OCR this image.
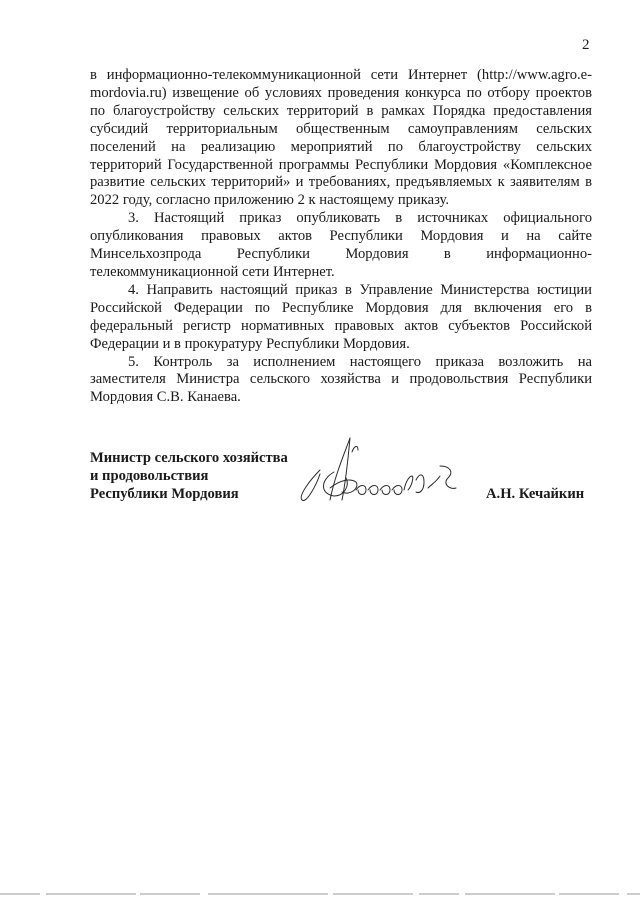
2

в информационно-телекоммуникационной сети Интернет (http://www.agro.e-mordovia.ru) извещение об условиях проведения конкурса по отбору проектов по благоустройству сельских территорий в рамках Порядка предоставления субсидий территориальным общественным самоуправлениям сельских поселений на реализацию мероприятий по благоустройству сельских территорий Государственной программы Республики Мордовия «Комплексное развитие сельских территорий» и требованиях, предъявляемых к заявителям в 2022 году, согласно приложению 2 к настоящему приказу.

3. Настоящий приказ опубликовать в источниках официального опубликования правовых актов Республики Мордовия и на сайте Минсельхозпрода Республики Мордовия в информационно-телекоммуникационной сети Интернет.

4. Направить настоящий приказ в Управление Министерства юстиции Российской Федерации по Республике Мордовия для включения его в федеральный регистр нормативных правовых актов субъектов Российской Федерации и в прокуратуру Республики Мордовия.

5. Контроль за исполнением настоящего приказа возложить на заместителя Министра сельского хозяйства и продовольствия Республики Мордовия С.В. Канаева.

Министр сельского хозяйства
и продовольствия
Республики Мордовия	А.Н. Кечайкин
